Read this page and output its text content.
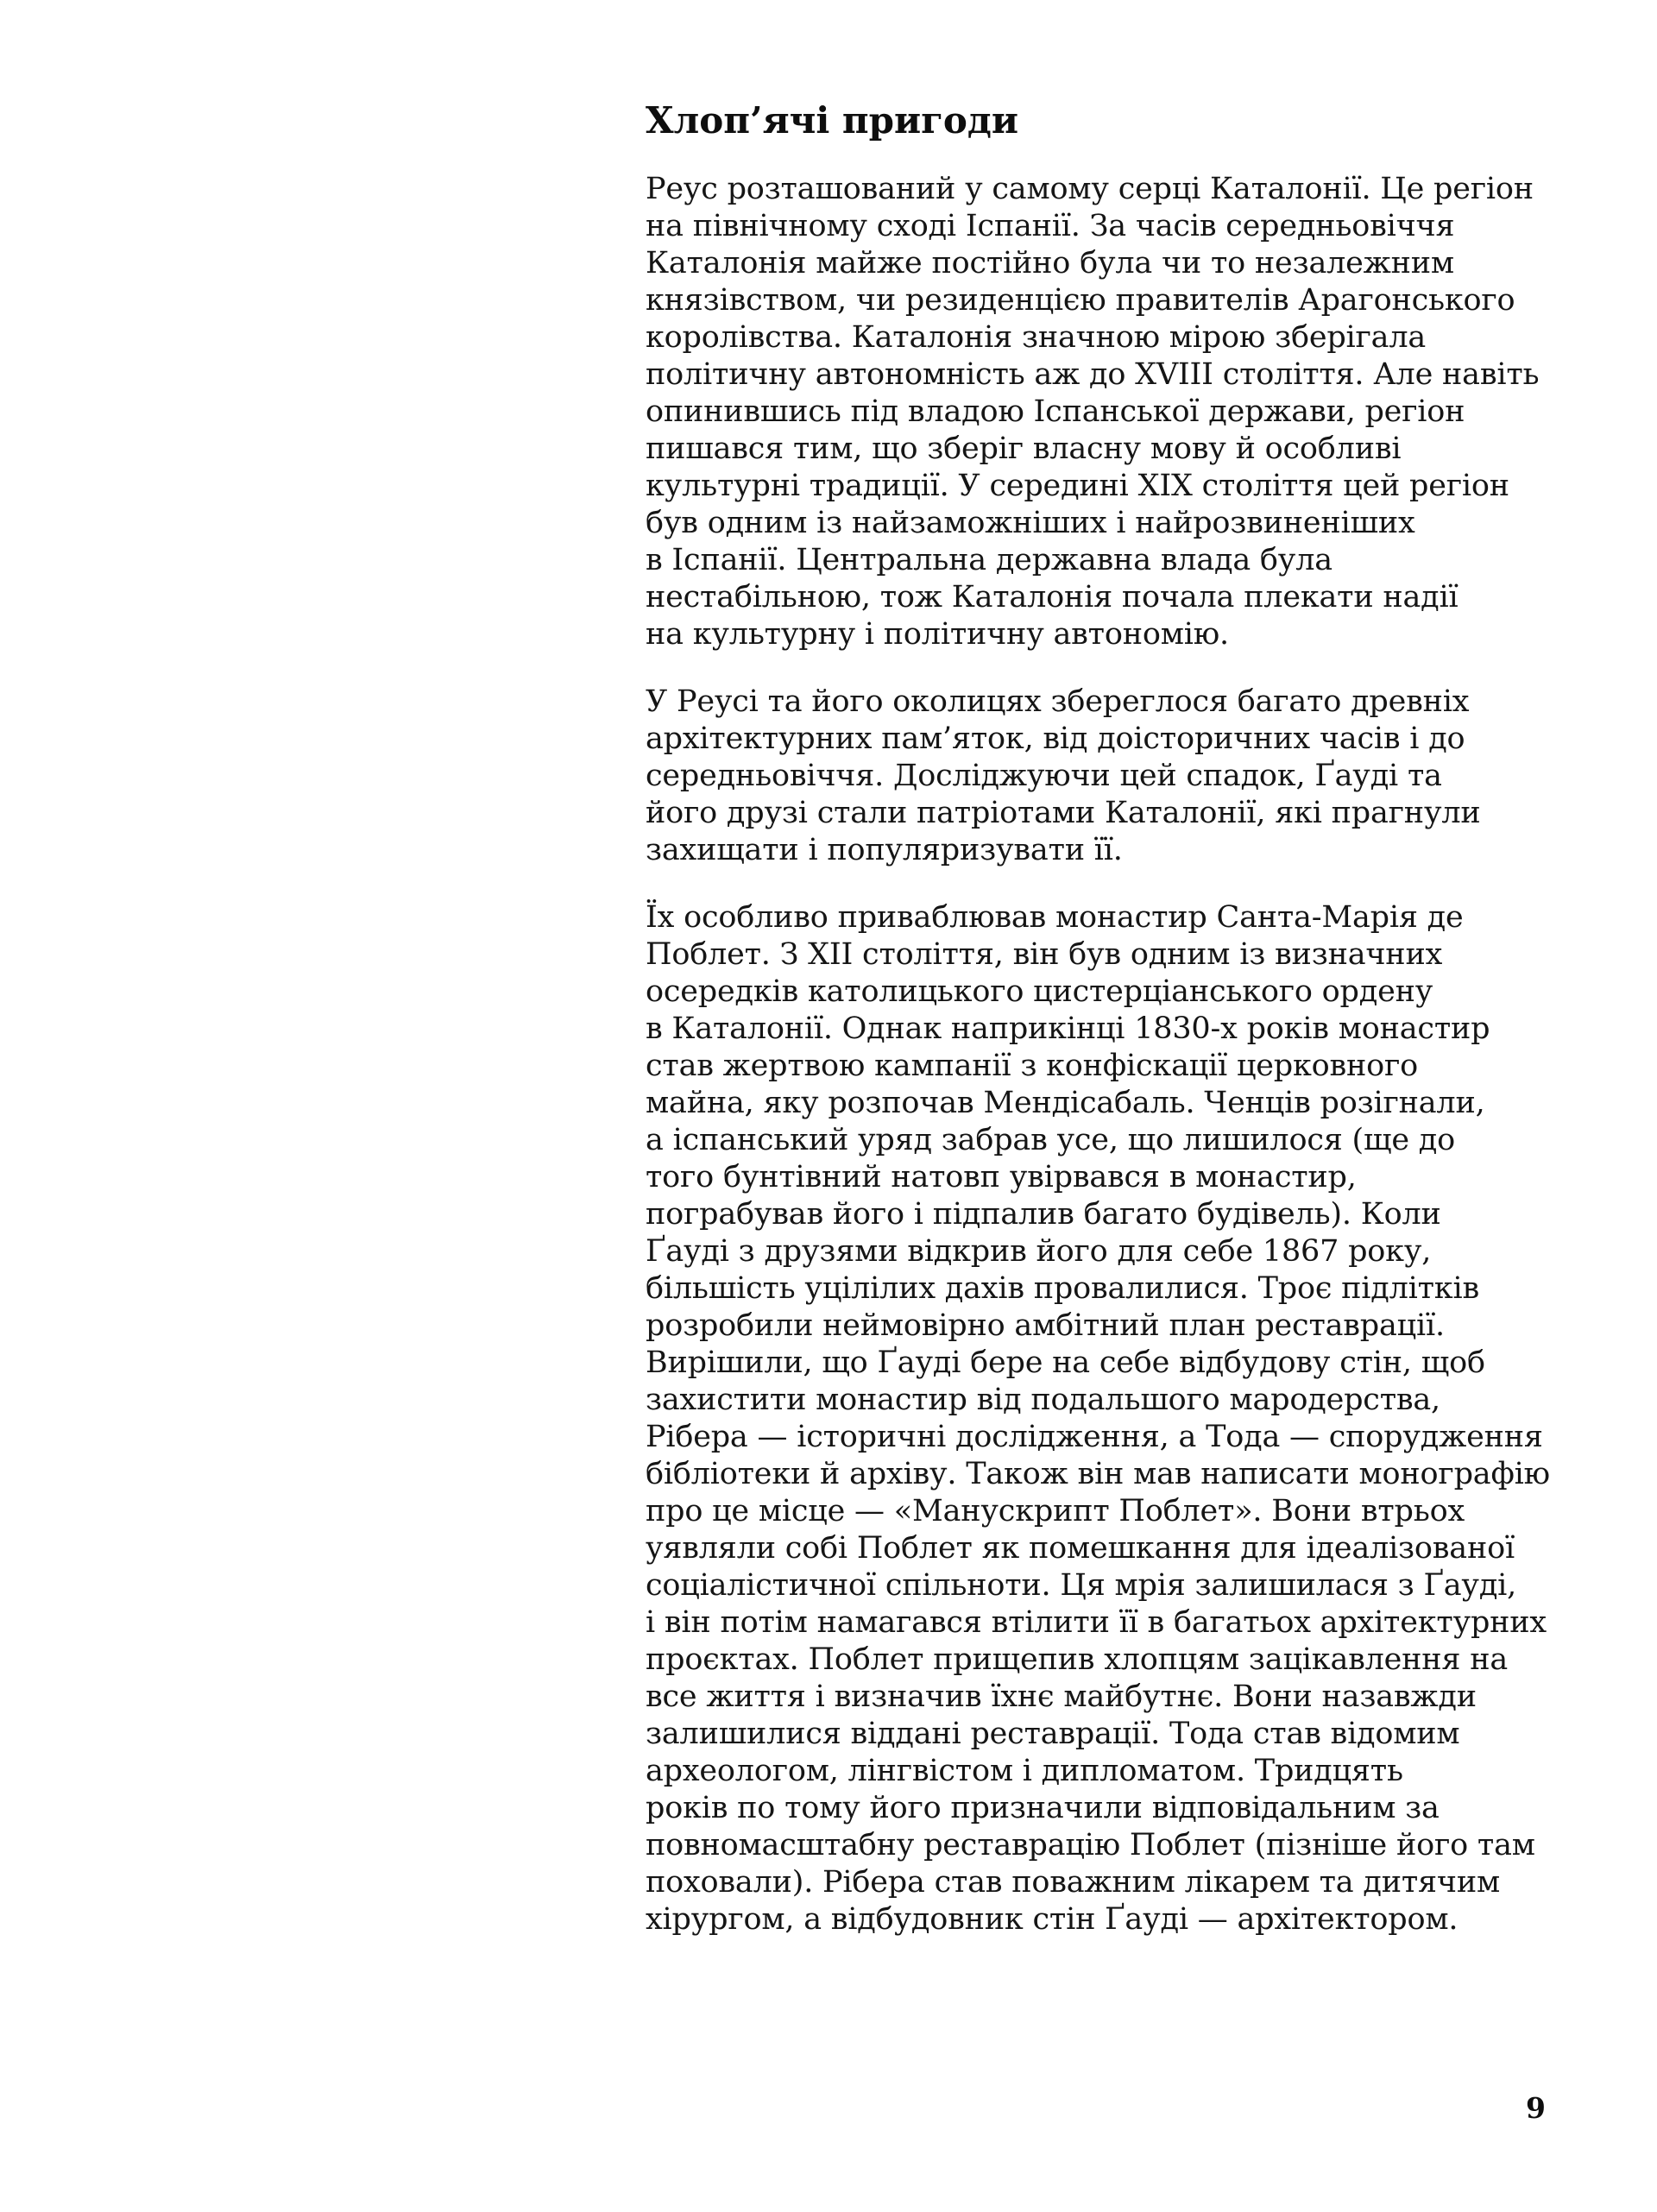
Хлоп’ячі пригоди
Реус розташований у самому серці Каталонії. Це регіон
на північному сході Іспанії. За часів середньовіччя
Каталонія майже постійно була чи то незалежним
князівством, чи резиденцією правителів Арагонського
королівства. Каталонія значною мірою зберігала
політичну автономність аж до XVIII століття. Але навіть
опинившись під владою Іспанської держави, регіон
пишався тим, що зберіг власну мову й особливі
культурні традиції. У середині XIX століття цей регіон
був одним із найзаможніших і найрозвиненіших
в Іспанії. Центральна державна влада була
нестабільною, тож Каталонія почала плекати надії
на культурну і політичну автономію.
У Реусі та його околицях збереглося багато древніх
архітектурних пам’яток, від доісторичних часів і до
середньовіччя. Досліджуючи цей спадок, Ґауді та
його друзі стали патріотами Каталонії, які прагнули
захищати і популяризувати її.
Їх особливо приваблював монастир Санта-Марія де
Поблет. З XII століття, він був одним із визначних
осередків католицького цистерціанського ордену
в Каталонії. Однак наприкінці 1830-х років монастир
став жертвою кампанії з конфіскації церковного
майна, яку розпочав Мендісабаль. Ченців розігнали,
а іспанський уряд забрав усе, що лишилося (ще до
того бунтівний натовп увірвався в монастир,
пограбував його і підпалив багато будівель). Коли
Ґауді з друзями відкрив його для себе 1867 року,
більшість уцілілих дахів провалилися. Троє підлітків
розробили неймовірно амбітний план реставрації.
Вирішили, що Ґауді бере на себе відбудову стін, щоб
захистити монастир від подальшого мародерства,
Рібера — історичні дослідження, а Тода — спорудження
бібліотеки й архіву. Також він мав написати монографію
про це місце — «Манускрипт Поблет». Вони втрьох
уявляли собі Поблет як помешкання для ідеалізованої
соціалістичної спільноти. Ця мрія залишилася з Ґауді,
і він потім намагався втілити її в багатьох архітектурних
проєктах. Поблет прищепив хлопцям зацікавлення на
все життя і визначив їхнє майбутнє. Вони назавжди
залишилися віддані реставрації. Тода став відомим
археологом, лінгвістом і дипломатом. Тридцять
років по тому його призначили відповідальним за
повномасштабну реставрацію Поблет (пізніше його там
поховали). Рібера став поважним лікарем та дитячим
хірургом, а відбудовник стін Ґауді — архітектором.
9
